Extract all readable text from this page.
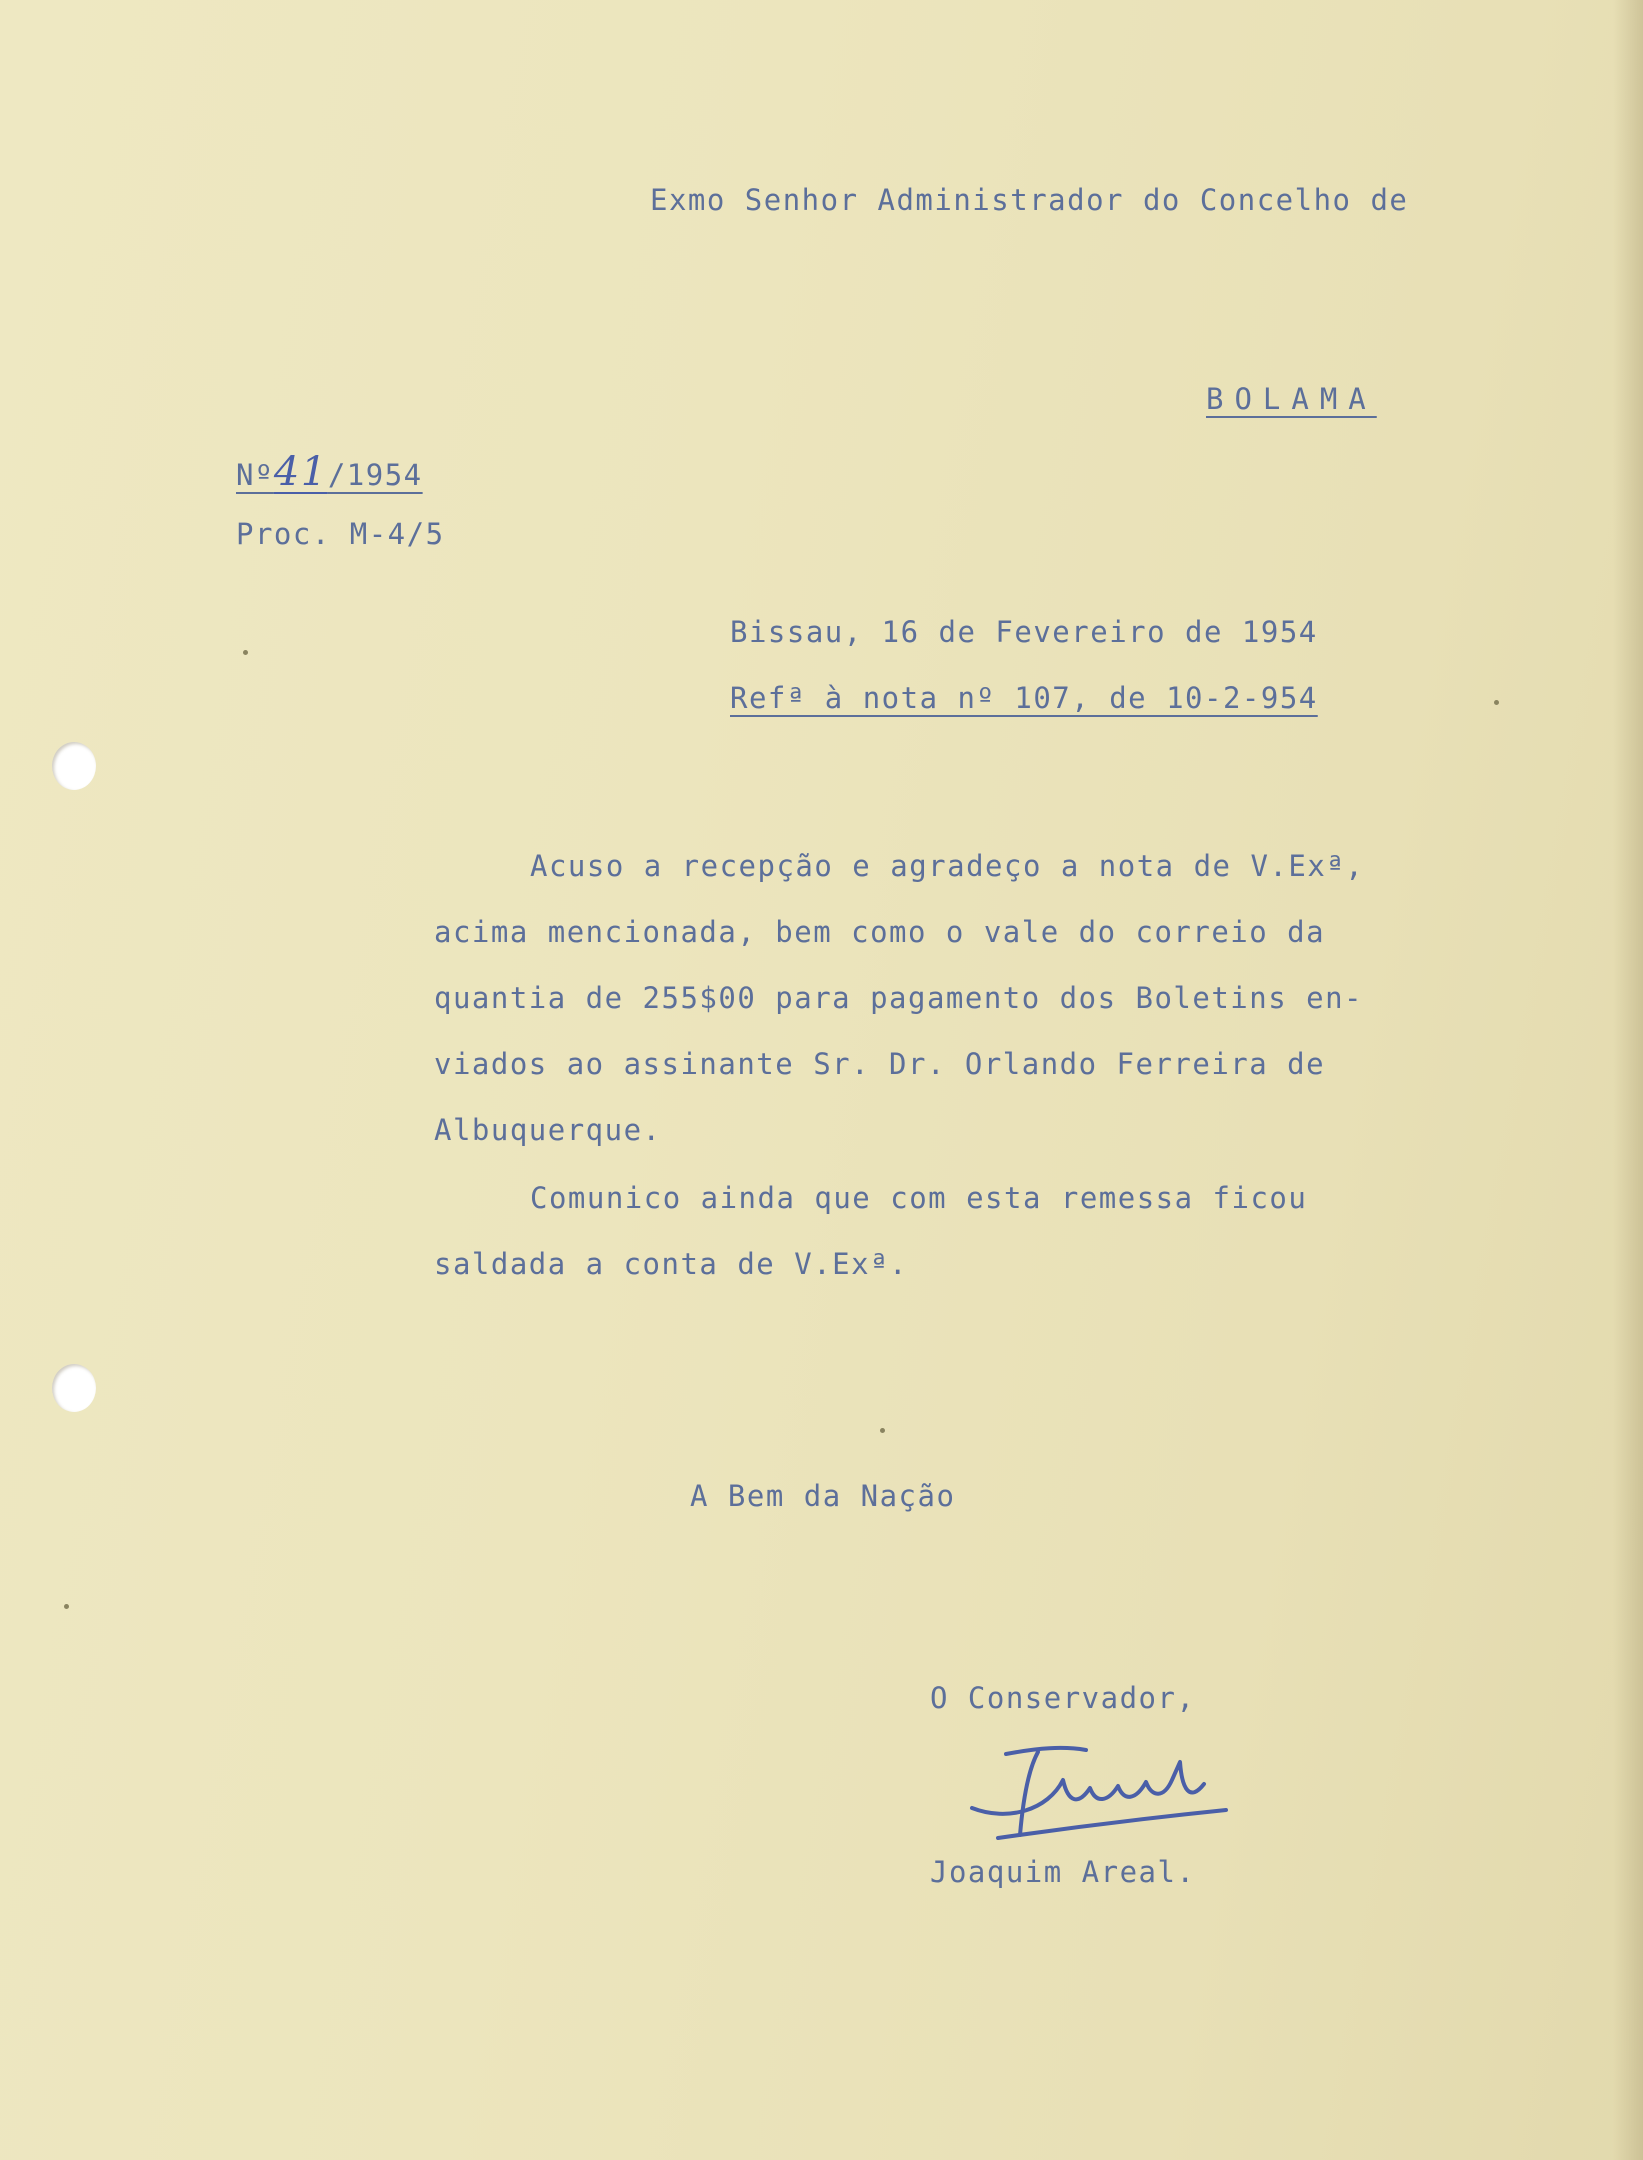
Exmo Senhor Administrador do Concelho de
BOLAMA
Nº41/1954
Proc. M-4/5
Bissau, 16 de Fevereiro de 1954
Refª à nota nº 107, de 10-2-954
Acuso a recepção e agradeço a nota de V.Exª,
acima mencionada, bem como o vale do correio da
quantia de 255$00 para pagamento dos Boletins en-
viados ao assinante Sr. Dr. Orlando Ferreira de
Albuquerque.
Comunico ainda que com esta remessa ficou
saldada a conta de V.Exª.
A Bem da Nação
O Conservador,
Joaquim Areal.
